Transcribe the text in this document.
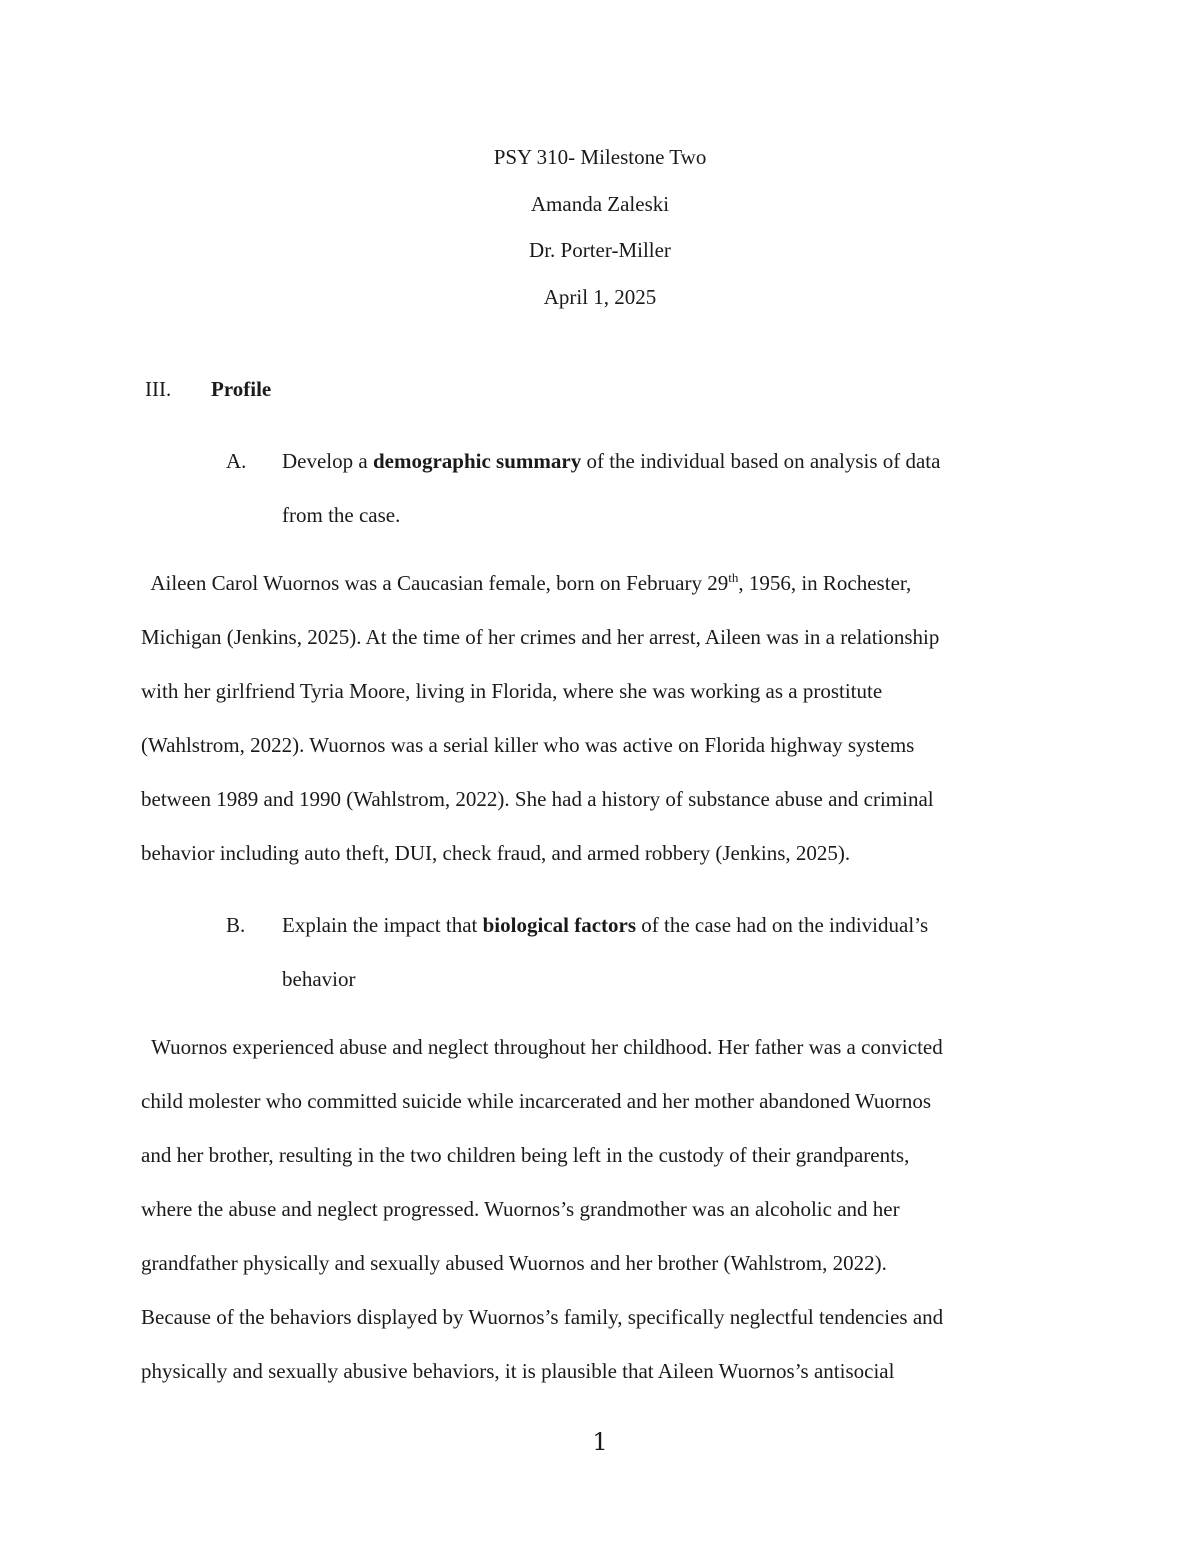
PSY 310- Milestone Two
Amanda Zaleski
Dr. Porter-Miller
April 1, 2025
III. Profile
A. Develop a demographic summary of the individual based on analysis of data
from the case.
Aileen Carol Wuornos was a Caucasian female, born on February 29th, 1956, in Rochester,
Michigan (Jenkins, 2025). At the time of her crimes and her arrest, Aileen was in a relationship
with her girlfriend Tyria Moore, living in Florida, where she was working as a prostitute
(Wahlstrom, 2022). Wuornos was a serial killer who was active on Florida highway systems
between 1989 and 1990 (Wahlstrom, 2022). She had a history of substance abuse and criminal
behavior including auto theft, DUI, check fraud, and armed robbery (Jenkins, 2025).
B. Explain the impact that biological factors of the case had on the individual’s
behavior
Wuornos experienced abuse and neglect throughout her childhood. Her father was a convicted
child molester who committed suicide while incarcerated and her mother abandoned Wuornos
and her brother, resulting in the two children being left in the custody of their grandparents,
where the abuse and neglect progressed. Wuornos’s grandmother was an alcoholic and her
grandfather physically and sexually abused Wuornos and her brother (Wahlstrom, 2022).
Because of the behaviors displayed by Wuornos’s family, specifically neglectful tendencies and
physically and sexually abusive behaviors, it is plausible that Aileen Wuornos’s antisocial
1
